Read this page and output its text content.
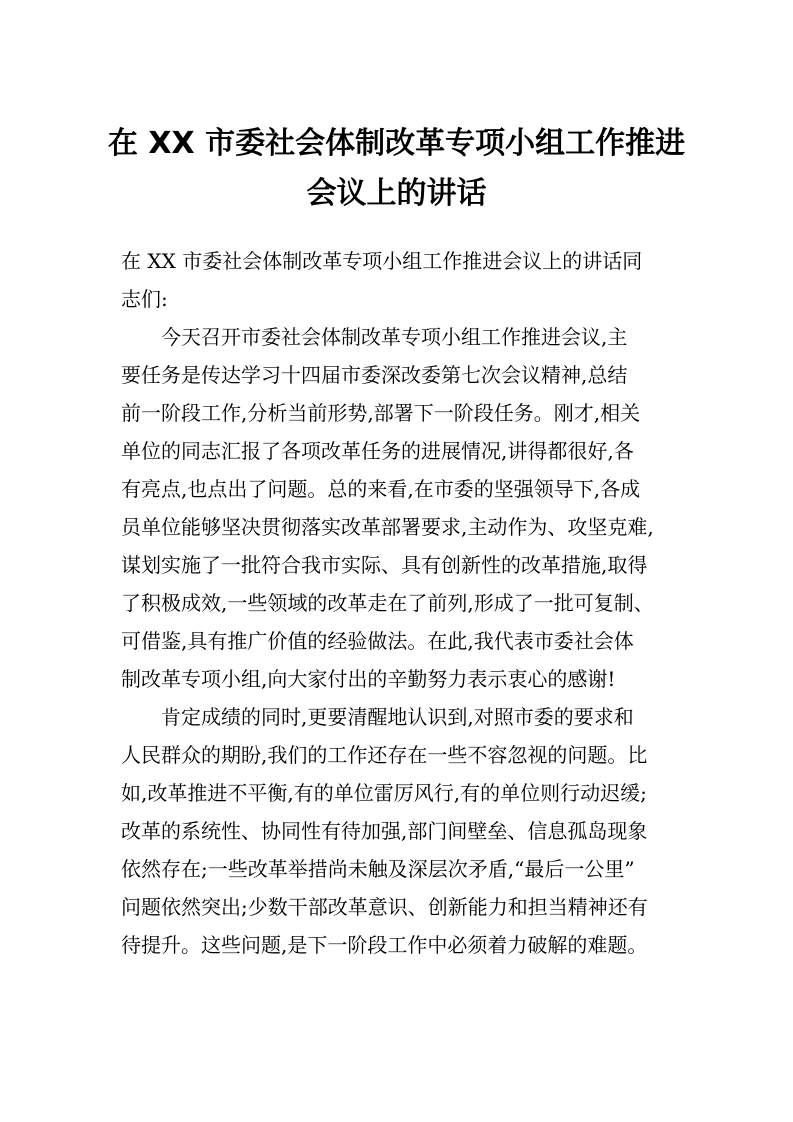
在 XX 市委社会体制改革专项小组工作推进
会议上的讲话
在 XX 市委社会体制改革专项小组工作推进会议上的讲话同
志们:
今天召开市委社会体制改革专项小组工作推进会议,主
要任务是传达学习十四届市委深改委第七次会议精神,总结
前一阶段工作,分析当前形势,部署下一阶段任务。刚才,相关
单位的同志汇报了各项改革任务的进展情况,讲得都很好,各
有亮点,也点出了问题。总的来看,在市委的坚强领导下,各成
员单位能够坚决贯彻落实改革部署要求,主动作为、攻坚克难,
谋划实施了一批符合我市实际、具有创新性的改革措施,取得
了积极成效,一些领域的改革走在了前列,形成了一批可复制、
可借鉴,具有推广价值的经验做法。在此,我代表市委社会体
制改革专项小组,向大家付出的辛勤努力表示衷心的感谢!
肯定成绩的同时,更要清醒地认识到,对照市委的要求和
人民群众的期盼,我们的工作还存在一些不容忽视的问题。比
如,改革推进不平衡,有的单位雷厉风行,有的单位则行动迟缓;
改革的系统性、协同性有待加强,部门间壁垒、信息孤岛现象
依然存在;一些改革举措尚未触及深层次矛盾,“最后一公里”
问题依然突出;少数干部改革意识、创新能力和担当精神还有
待提升。这些问题,是下一阶段工作中必须着力破解的难题。
